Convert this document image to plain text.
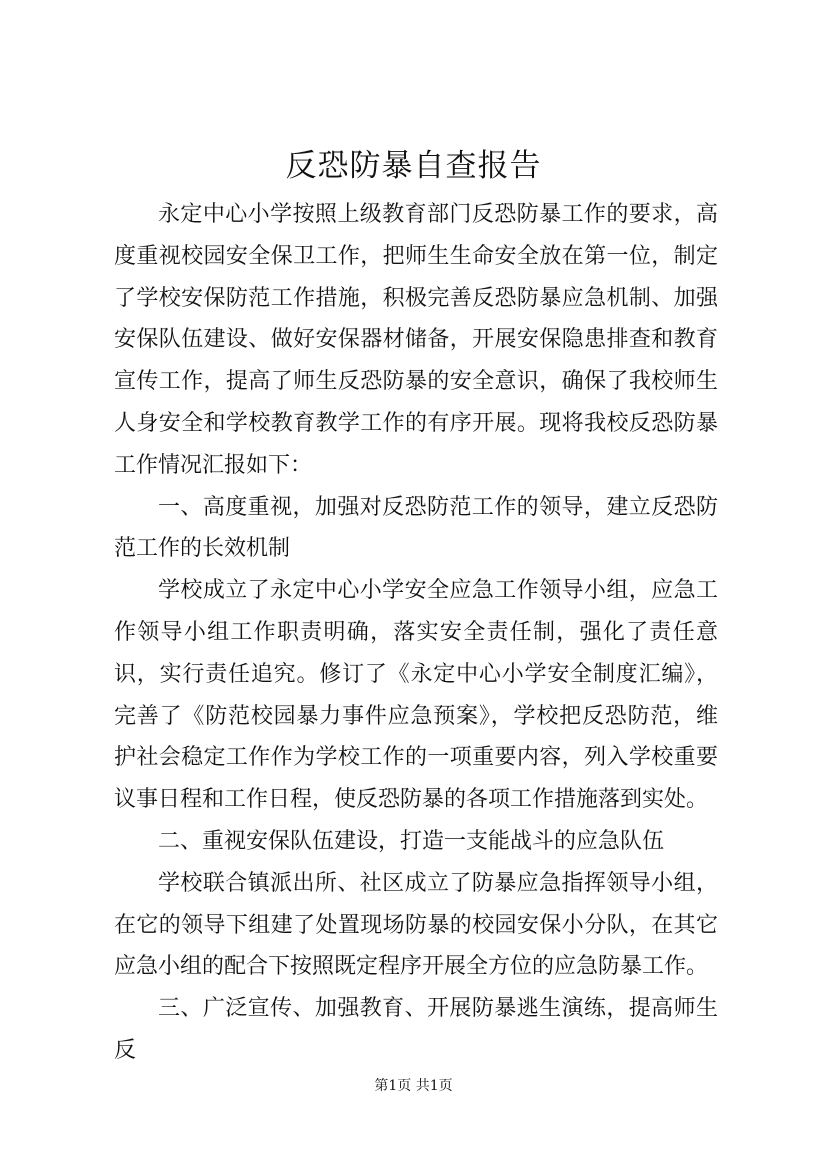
反恐防暴自查报告

永定中心小学按照上级教育部门反恐防暴工作的要求，高度重视校园安全保卫工作，把师生生命安全放在第一位，制定了学校安保防范工作措施，积极完善反恐防暴应急机制、加强安保队伍建设、做好安保器材储备，开展安保隐患排查和教育宣传工作，提高了师生反恐防暴的安全意识，确保了我校师生人身安全和学校教育教学工作的有序开展。现将我校反恐防暴工作情况汇报如下：

一、高度重视，加强对反恐防范工作的领导，建立反恐防范工作的长效机制

学校成立了永定中心小学安全应急工作领导小组，应急工作领导小组工作职责明确，落实安全责任制，强化了责任意识，实行责任追究。修订了《永定中心小学安全制度汇编》，完善了《防范校园暴力事件应急预案》，学校把反恐防范，维护社会稳定工作作为学校工作的一项重要内容，列入学校重要议事日程和工作日程，使反恐防暴的各项工作措施落到实处。

二、重视安保队伍建设，打造一支能战斗的应急队伍

学校联合镇派出所、社区成立了防暴应急指挥领导小组，在它的领导下组建了处置现场防暴的校园安保小分队，在其它应急小组的配合下按照既定程序开展全方位的应急防暴工作。

三、广泛宣传、加强教育、开展防暴逃生演练，提高师生反

第1页 共1页
